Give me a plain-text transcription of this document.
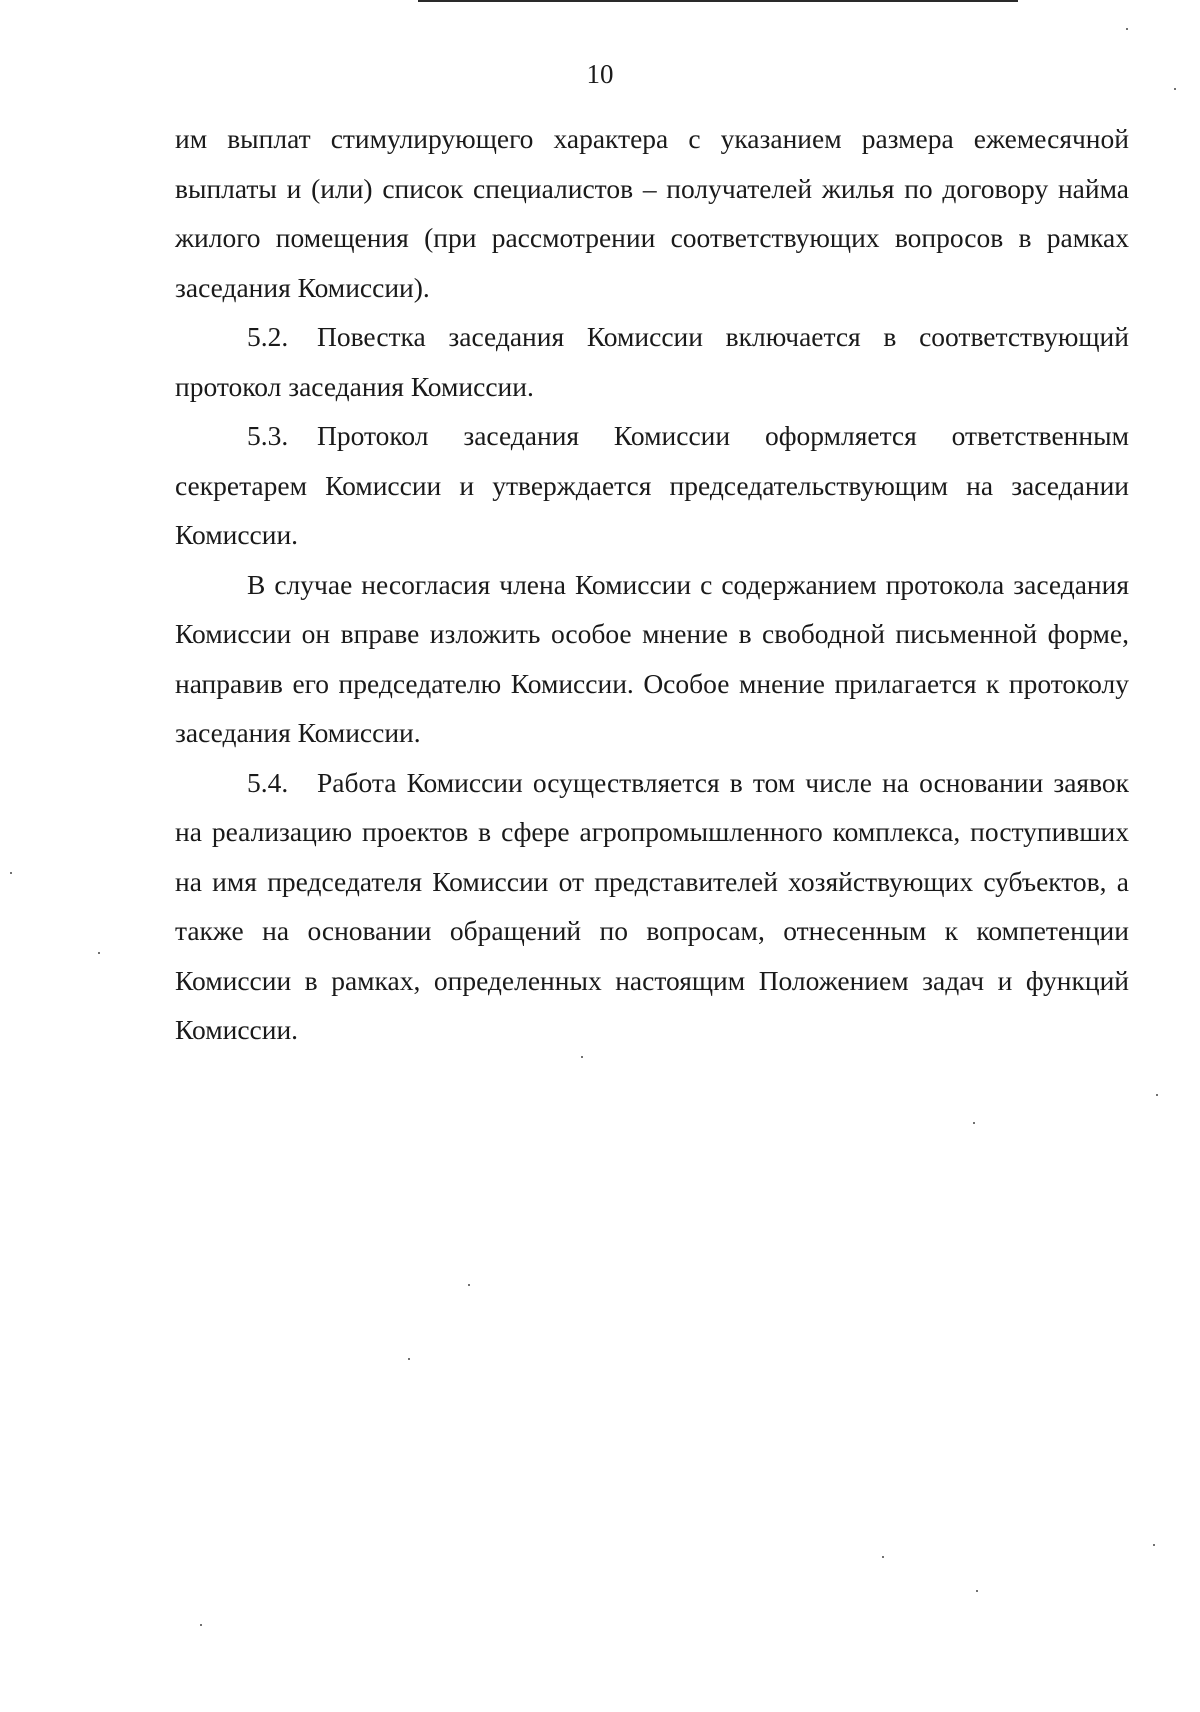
10

им выплат стимулирующего характера с указанием размера ежемесячной выплаты и (или) список специалистов – получателей жилья по договору найма жилого помещения (при рассмотрении соответствующих вопросов в рамках заседания Комиссии).

5.2. Повестка заседания Комиссии включается в соответствующий протокол заседания Комиссии.

5.3. Протокол заседания Комиссии оформляется ответственным секретарем Комиссии и утверждается председательствующим на заседании Комиссии.

В случае несогласия члена Комиссии с содержанием протокола заседания Комиссии он вправе изложить особое мнение в свободной письменной форме, направив его председателю Комиссии. Особое мнение прилагается к протоколу заседания Комиссии.

5.4. Работа Комиссии осуществляется в том числе на основании заявок на реализацию проектов в сфере агропромышленного комплекса, поступивших на имя председателя Комиссии от представителей хозяйствующих субъектов, а также на основании обращений по вопросам, отнесенным к компетенции Комиссии в рамках, определенных настоящим Положением задач и функций Комиссии.
